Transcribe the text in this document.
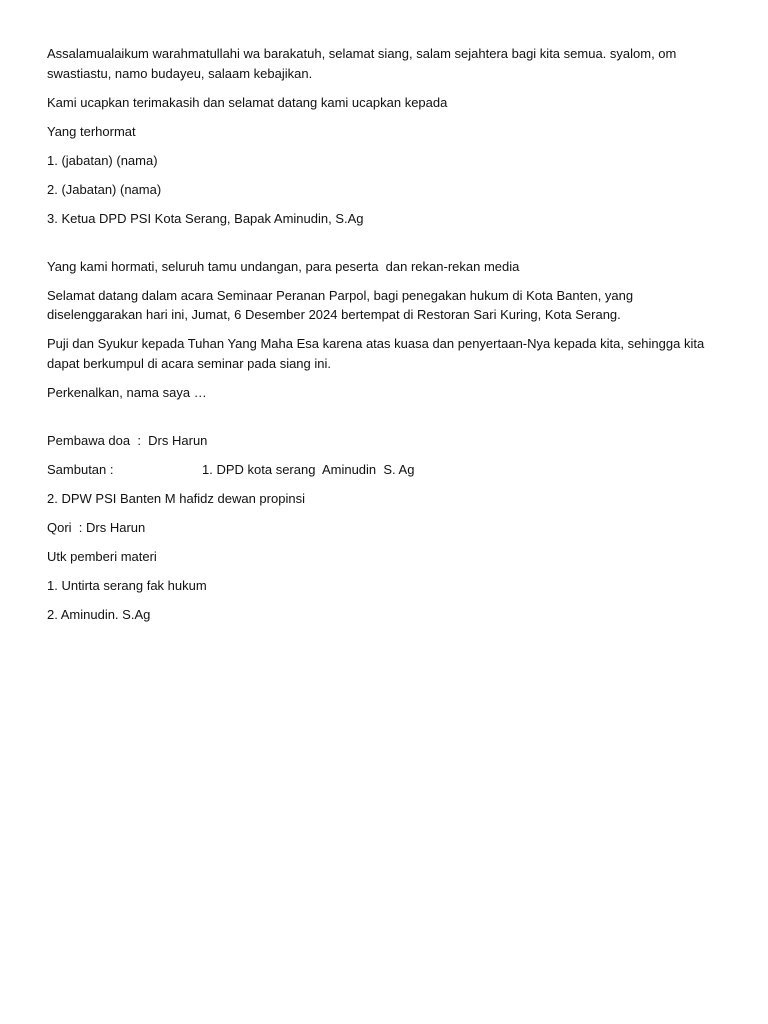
Assalamualaikum warahmatullahi wa barakatuh, selamat siang, salam sejahtera bagi kita semua. syalom, om swastiastu, namo budayeu, salaam kebajikan.

Kami ucapkan terimakasih dan selamat datang kami ucapkan kepada

Yang terhormat

1. (jabatan) (nama)

2. (Jabatan) (nama)

3. Ketua DPD PSI Kota Serang, Bapak Aminudin, S.Ag

Yang kami hormati, seluruh tamu undangan, para peserta  dan rekan-rekan media

Selamat datang dalam acara Seminaar Peranan Parpol, bagi penegakan hukum di Kota Banten, yang diselenggarakan hari ini, Jumat, 6 Desember 2024 bertempat di Restoran Sari Kuring, Kota Serang.

Puji dan Syukur kepada Tuhan Yang Maha Esa karena atas kuasa dan penyertaan-Nya kepada kita, sehingga kita dapat berkumpul di acara seminar pada siang ini.

Perkenalkan, nama saya …

Pembawa doa  :  Drs Harun

Sambutan :	1. DPD kota serang  Aminudin  S. Ag

2. DPW PSI Banten M hafidz dewan propinsi

Qori  : Drs Harun

Utk pemberi materi

1. Untirta serang fak hukum

2. Aminudin. S.Ag
